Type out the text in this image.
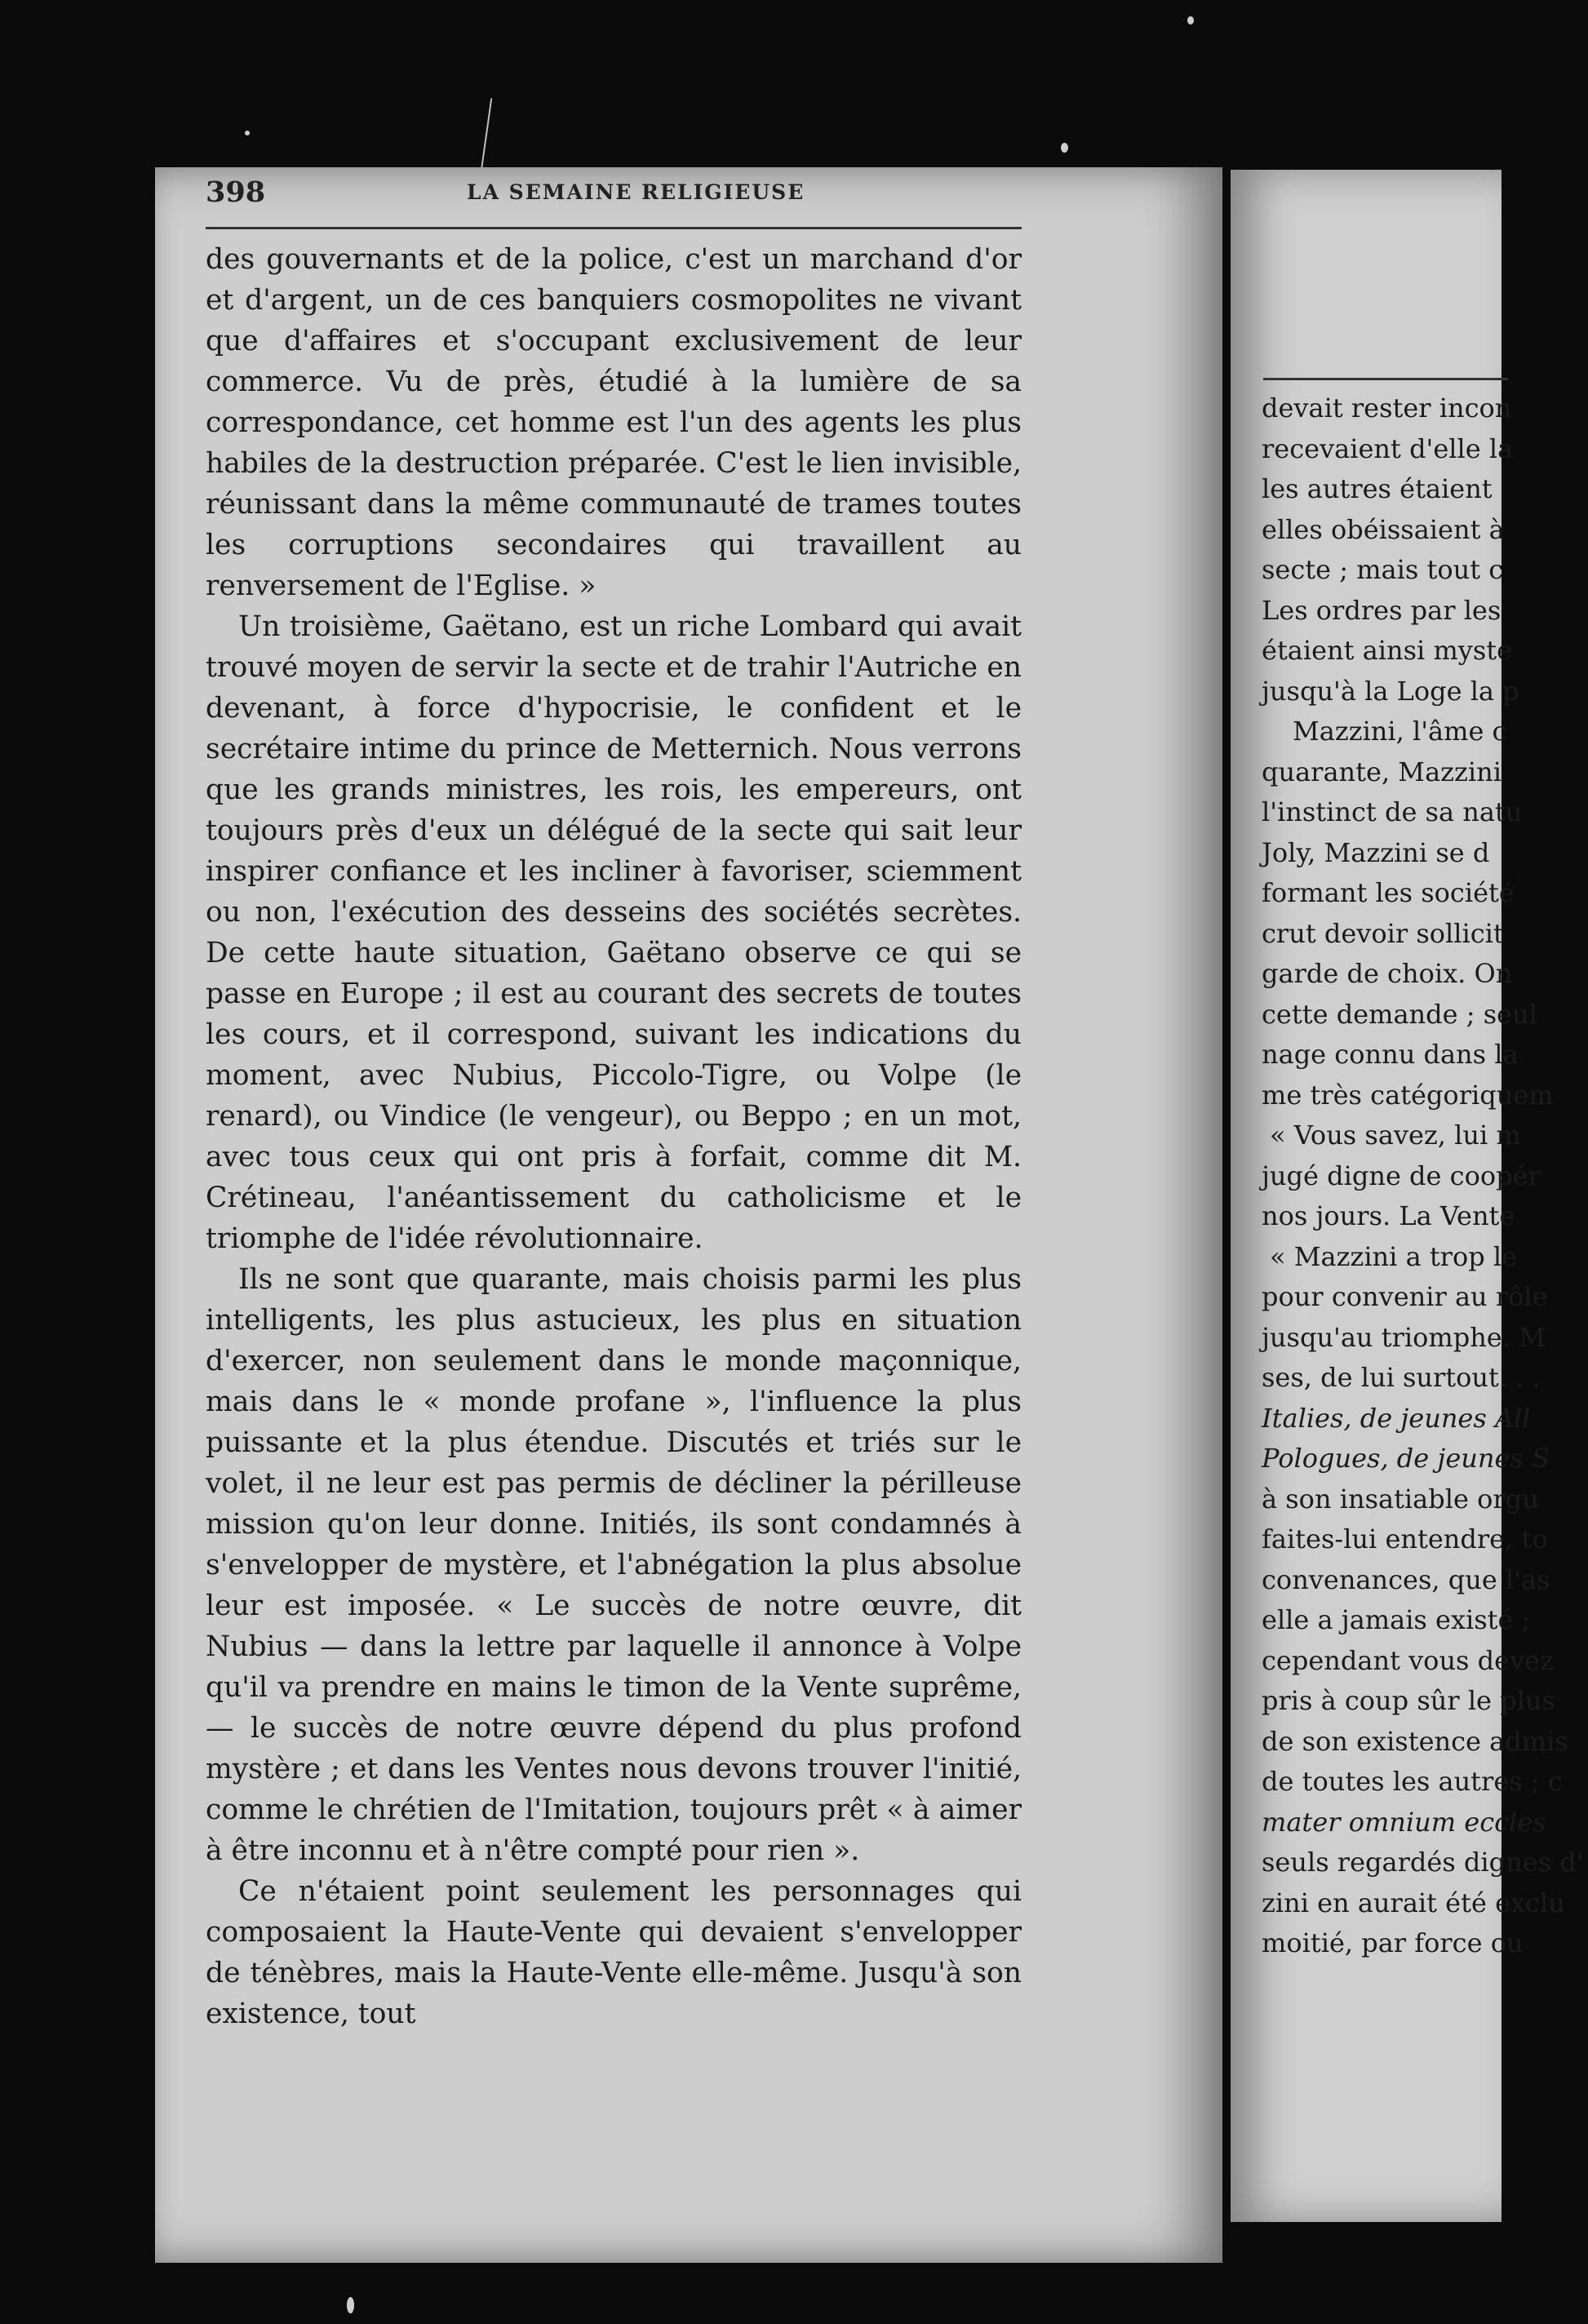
398	LA SEMAINE RELIGIEUSE

des gouvernants et de la police, c'est un marchand d'or et d'argent, un de ces banquiers cosmopolites ne vivant que d'affaires et s'occupant exclusivement de leur commerce. Vu de près, étudié à la lumière de sa correspondance, cet homme est l'un des agents les plus habiles de la destruction préparée. C'est le lien invisible, réunissant dans la même communauté de trames toutes les corruptions secondaires qui travaillent au renversement de l'Eglise. »

Un troisième, Gaëtano, est un riche Lombard qui avait trouvé moyen de servir la secte et de trahir l'Autriche en devenant, à force d'hypocrisie, le confident et le secrétaire intime du prince de Metternich. Nous verrons que les grands ministres, les rois, les empereurs, ont toujours près d'eux un délégué de la secte qui sait leur inspirer confiance et les incliner à favoriser, sciemment ou non, l'exécution des desseins des sociétés secrètes. De cette haute situation, Gaëtano observe ce qui se passe en Europe ; il est au courant des secrets de toutes les cours, et il correspond, suivant les indications du moment, avec Nubius, Piccolo-Tigre, ou Volpe (le renard), ou Vindice (le vengeur), ou Beppo ; en un mot, avec tous ceux qui ont pris à forfait, comme dit M. Crétineau, l'anéantissement du catholicisme et le triomphe de l'idée révolutionnaire.

Ils ne sont que quarante, mais choisis parmi les plus intelligents, les plus astucieux, les plus en situation d'exercer, non seulement dans le monde maçonnique, mais dans le « monde profane », l'influence la plus puissante et la plus étendue. Discutés et triés sur le volet, il ne leur est pas permis de décliner la périlleuse mission qu'on leur donne. Initiés, ils sont condamnés à s'envelopper de mystère, et l'abnégation la plus absolue leur est imposée. « Le succès de notre œuvre, dit Nubius — dans la lettre par laquelle il annonce à Volpe qu'il va prendre en mains le timon de la Vente suprême, — le succès de notre œuvre dépend du plus profond mystère ; et dans les Ventes nous devons trouver l'initié, comme le chrétien de l'Imitation, toujours prêt « à aimer à être inconnu et à n'être compté pour rien ».

Ce n'étaient point seulement les personnages qui composaient la Haute-Vente qui devaient s'envelopper de ténèbres, mais la Haute-Vente elle-même. Jusqu'à son existence, tout

devait rester incon
recevaient d'elle la
les autres étaient
elles obéissaient à
secte ; mais tout c
Les ordres par les
étaient ainsi myste
jusqu'à la Loge la p
Mazzini, l'âme c
quarante, Mazzini
l'instinct de sa natu
Joly, Mazzini se d
formant les société
crut devoir sollicit
garde de choix. On
cette demande ; seul
nage connu dans la
me très catégoriquem
« Vous savez, lui m
jugé digne de coopér
nos jours. La Vente
« Mazzini a trop le
pour convenir au rôle
jusqu'au triomphe. M
ses, de lui surtout. . .
Italies, de jeunes All
Pologues, de jeunes S
à son insatiable orgu
faites-lui entendre, to
convenances, que l'as
elle a jamais existé ;
cependant vous devez
pris à coup sûr le plus
de son existence admis
de toutes les autres ; c
mater omnium eccles
seuls regardés dignes d'
zini en aurait été exclu
moitié, par force ou
